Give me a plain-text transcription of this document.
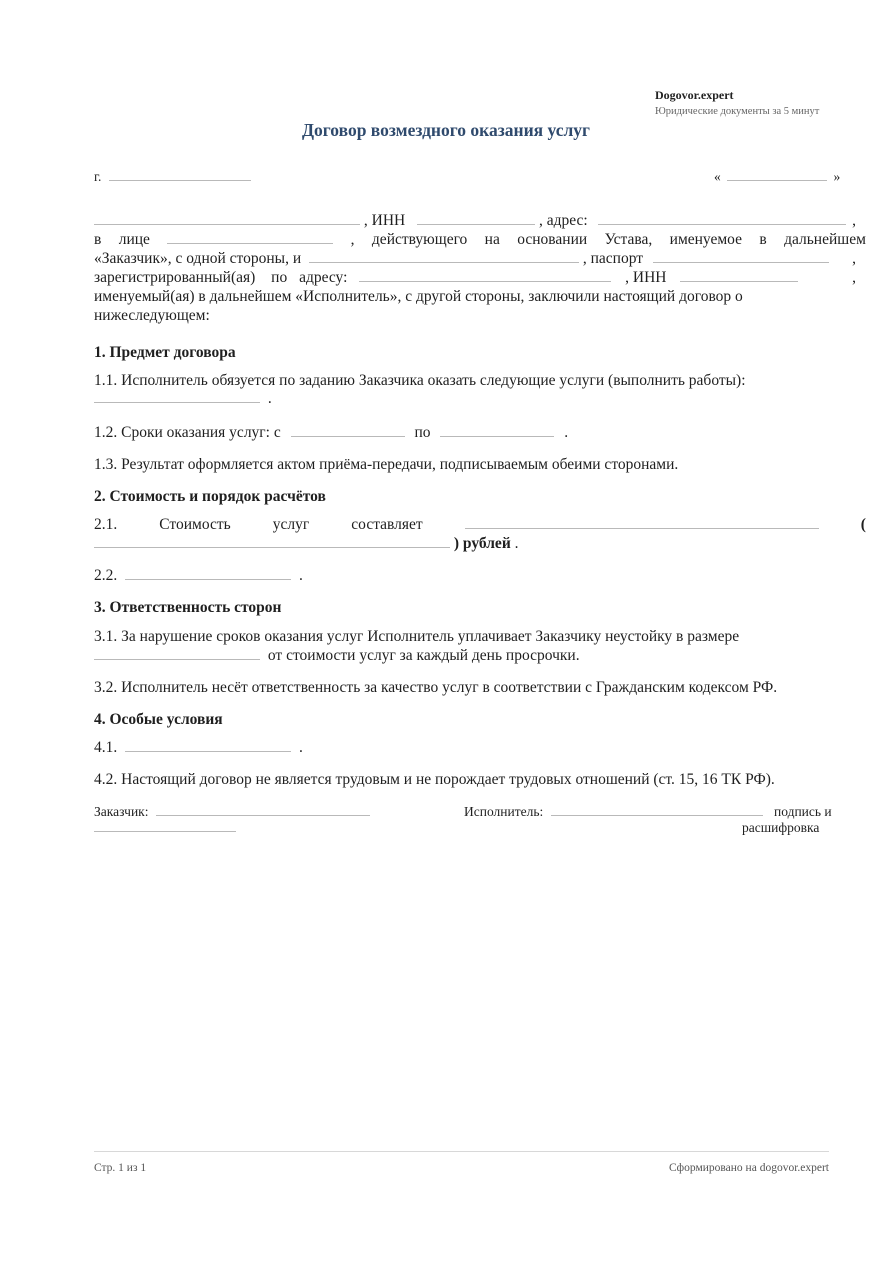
Dogovor.expert
Юридические документы за 5 минут
Договор возмездного оказания услуг
г.	«	»
, ИНН	, адрес:	,
в лице	, действующего на основании Устава, именуемое в дальнейшем
«Заказчик», с одной стороны, и	, паспорт	,
зарегистрированный(ая) по адресу:	, ИНН	,
именуемый(ая) в дальнейшем «Исполнитель», с другой стороны, заключили настоящий договор о
нижеследующем:
1. Предмет договора
1.1. Исполнитель обязуется по заданию Заказчика оказать следующие услуги (выполнить работы):
.
1.2. Сроки оказания услуг: с	по	.
1.3. Результат оформляется актом приёма-передачи, подписываемым обеими сторонами.
2. Стоимость и порядок расчётов
2.1.	Стоимость	услуг	составляет	(
) рублей .
2.2.	.
3. Ответственность сторон
3.1. За нарушение сроков оказания услуг Исполнитель уплачивает Заказчику неустойку в размере
от стоимости услуг за каждый день просрочки.
3.2. Исполнитель несёт ответственность за качество услуг в соответствии с Гражданским кодексом РФ.
4. Особые условия
4.1.	.
4.2. Настоящий договор не является трудовым и не порождает трудовых отношений (ст. 15, 16 ТК РФ).
Заказчик:	Исполнитель:	подпись и
расшифровка
Стр. 1 из 1	Сформировано на dogovor.expert
